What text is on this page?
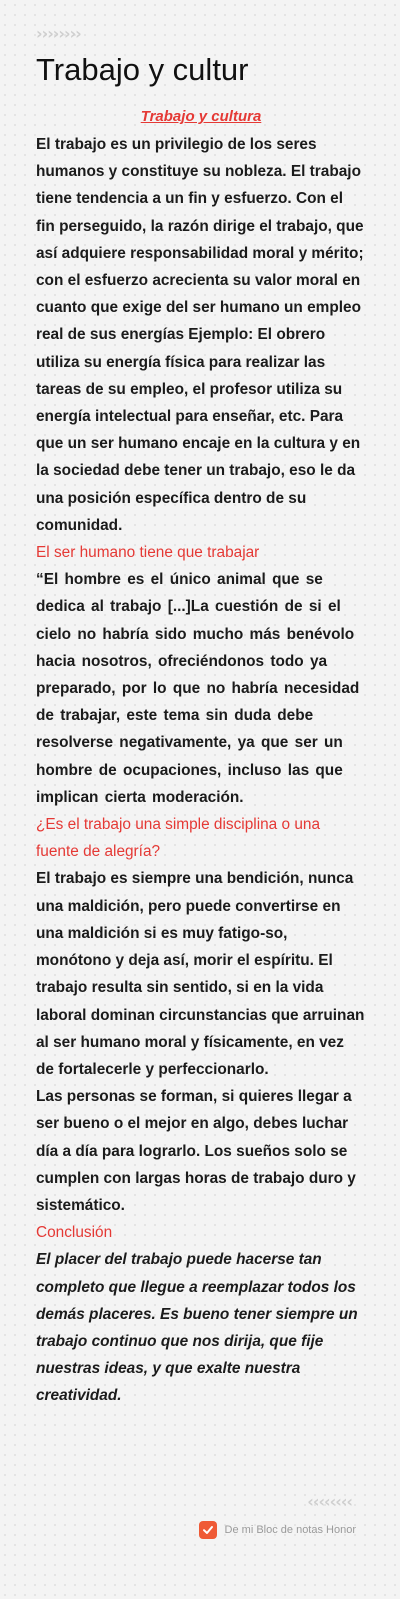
››››››››
Trabajo y cultur

Trabajo y cultura

El trabajo es un privilegio de los seres humanos y constituye su nobleza. El trabajo tiene tendencia a un fin y esfuerzo. Con el fin perseguido, la razón dirige el trabajo, que así adquiere responsabilidad moral y mérito; con el esfuerzo acrecienta su valor moral en cuanto que exige del ser humano un empleo real de sus energías Ejemplo: El obrero utiliza su energía física para realizar las tareas de su empleo, el profesor utiliza su energía intelectual para enseñar, etc. Para que un ser humano encaje en la cultura y en la sociedad debe tener un trabajo, eso le da una posición específica dentro de su comunidad.

El ser humano tiene que trabajar

“El hombre es el único animal que se dedica al trabajo [...]La cuestión de si el cielo no habría sido mucho más benévolo hacia nosotros, ofreciéndonos todo ya preparado, por lo que no habría necesidad de trabajar, este tema sin duda debe resolverse negativamente, ya que ser un hombre de ocupaciones, incluso las que implican cierta moderación.

¿Es el trabajo una simple disciplina o una fuente de alegría?

El trabajo es siempre una bendición, nunca una maldición, pero puede convertirse en una maldición si es muy fatigo-so, monótono y deja así, morir el espíritu. El trabajo resulta sin sentido, si en la vida laboral dominan circunstancias que arruinan al ser humano moral y físicamente, en vez de fortalecerle y perfeccionarlo.

Las personas se forman, si quieres llegar a ser bueno o el mejor en algo, debes luchar día a día para lograrlo. Los sueños solo se cumplen con largas horas de trabajo duro y sistemático.

Conclusión

El placer del trabajo puede hacerse tan completo que llegue a reemplazar todos los demás placeres. Es bueno tener siempre un trabajo continuo que nos dirija, que fije nuestras ideas, y que exalte nuestra creatividad.

‹‹‹‹‹‹‹‹
De mi Bloc de notas Honor
